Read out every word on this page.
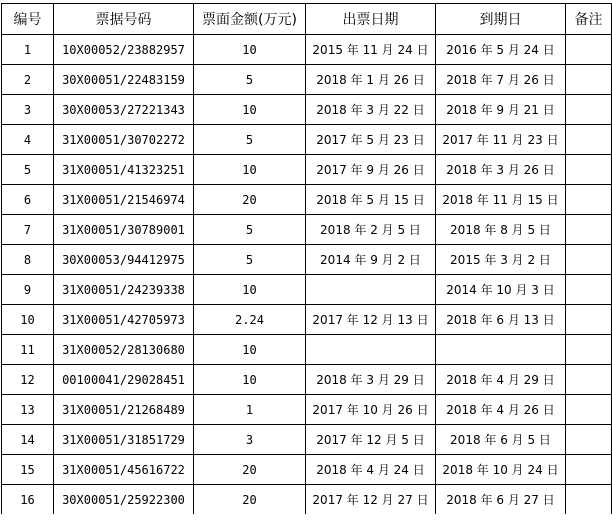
编号	票据号码	票面金额(万元)	出票日期	到期日	备注
1	10X00052/23882957	10	2015 年 11 月 24 日	2016 年 5 月 24 日	
2	30X00051/22483159	5	2018 年 1 月 26 日	2018 年 7 月 26 日	
3	30X00053/27221343	10	2018 年 3 月 22 日	2018 年 9 月 21 日	
4	31X00051/30702272	5	2017 年 5 月 23 日	2017 年 11 月 23 日	
5	31X00051/41323251	10	2017 年 9 月 26 日	2018 年 3 月 26 日	
6	31X00051/21546974	20	2018 年 5 月 15 日	2018 年 11 月 15 日	
7	31X00051/30789001	5	2018 年 2 月 5 日	2018 年 8 月 5 日	
8	30X00053/94412975	5	2014 年 9 月 2 日	2015 年 3 月 2 日	
9	31X00051/24239338	10		2014 年 10 月 3 日	
10	31X00051/42705973	2.24	2017 年 12 月 13 日	2018 年 6 月 13 日	
11	31X00052/28130680	10			
12	00100041/29028451	10	2018 年 3 月 29 日	2018 年 4 月 29 日	
13	31X00051/21268489	1	2017 年 10 月 26 日	2018 年 4 月 26 日	
14	31X00051/31851729	3	2017 年 12 月 5 日	2018 年 6 月 5 日	
15	31X00051/45616722	20	2018 年 4 月 24 日	2018 年 10 月 24 日	
16	30X00051/25922300	20	2017 年 12 月 27 日	2018 年 6 月 27 日	
